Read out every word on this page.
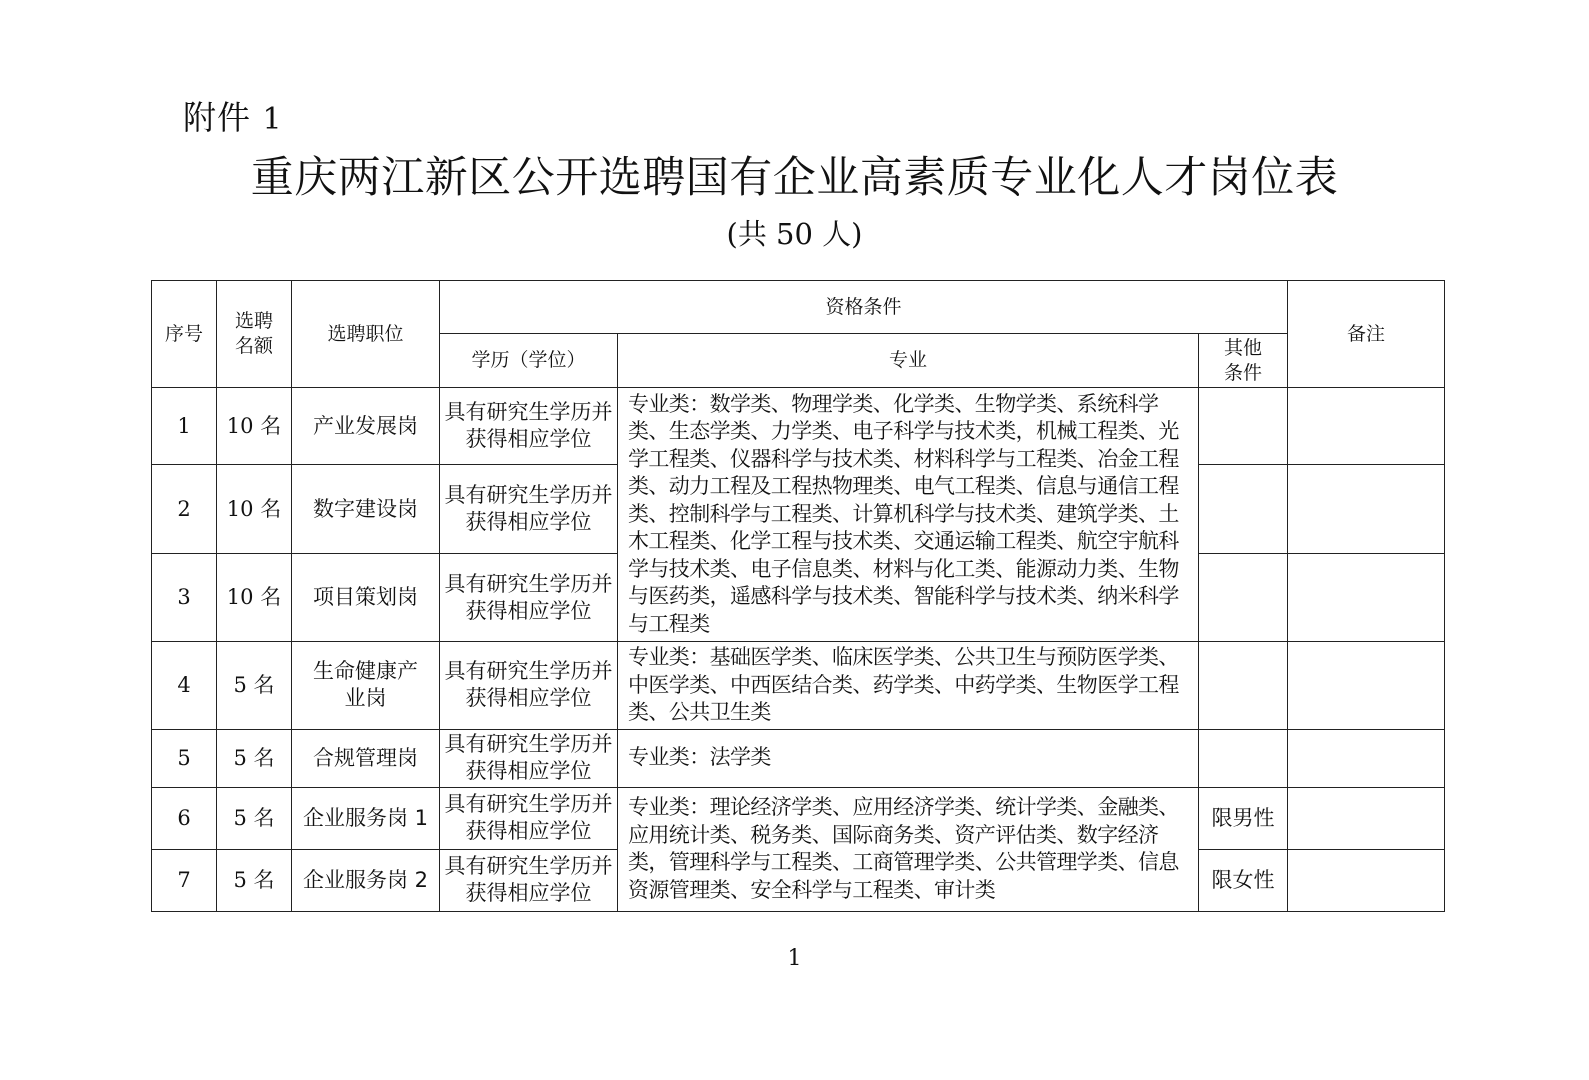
附件 1
重庆两江新区公开选聘国有企业高素质专业化人才岗位表
(共 50 人)
序号	选聘名额	选聘职位	资格条件			备注
			学历（学位）	专业	其他条件	
1	10 名	产业发展岗	具有研究生学历并获得相应学位	专业类：数学类、物理学类、化学类、生物学类、系统科学类、生态学类、力学类、电子科学与技术类，机械工程类、光学工程类、仪器科学与技术类、材料科学与工程类、冶金工程类、动力工程及工程热物理类、电气工程类、信息与通信工程类、控制科学与工程类、计算机科学与技术类、建筑学类、土木工程类、化学工程与技术类、交通运输工程类、航空宇航科学与技术类、电子信息类、材料与化工类、能源动力类、生物与医药类，遥感科学与技术类、智能科学与技术类、纳米科学与工程类		
2	10 名	数字建设岗	具有研究生学历并获得相应学位			
3	10 名	项目策划岗	具有研究生学历并获得相应学位			
4	5 名	生命健康产业岗	具有研究生学历并获得相应学位	专业类：基础医学类、临床医学类、公共卫生与预防医学类、中医学类、中西医结合类、药学类、中药学类、生物医学工程类、公共卫生类		
5	5 名	合规管理岗	具有研究生学历并获得相应学位	专业类：法学类		
6	5 名	企业服务岗 1	具有研究生学历并获得相应学位	专业类：理论经济学类、应用经济学类、统计学类、金融类、应用统计类、税务类、国际商务类、资产评估类、数字经济类，管理科学与工程类、工商管理学类、公共管理学类、信息资源管理类、安全科学与工程类、审计类	限男性	
7	5 名	企业服务岗 2	具有研究生学历并获得相应学位		限女性	
1
